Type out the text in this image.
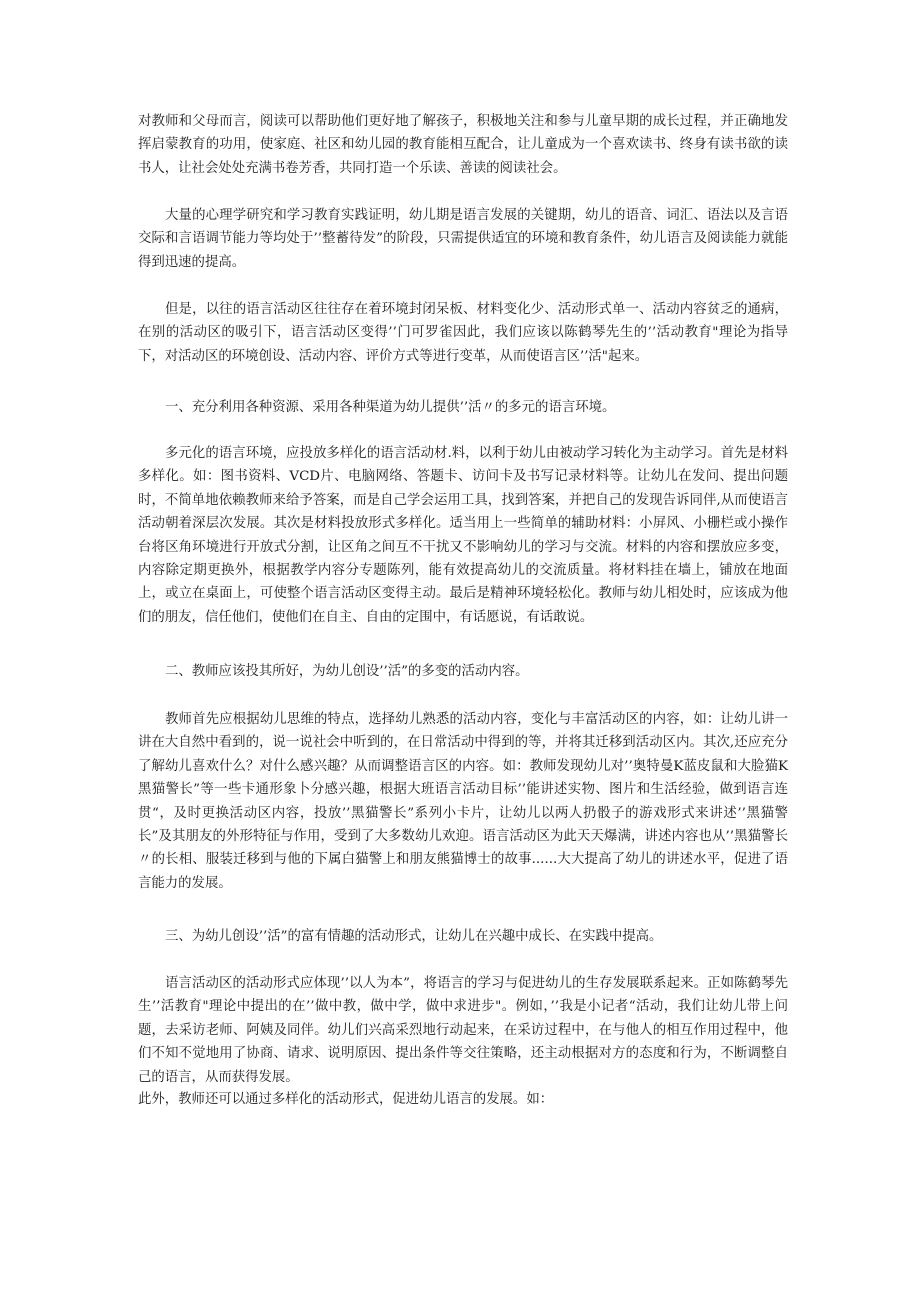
对教师和父母而言，阅读可以帮助他们更好地了解孩子，积极地关注和参与儿童早期的成长过程，并正确地发挥启蒙教育的功用，使家庭、社区和幼儿园的教育能相互配合，让儿童成为一个喜欢读书、终身有读书欲的读书人，让社会处处充满书卷芳香，共同打造一个乐读、善读的阅读社会。

大量的心理学研究和学习教育实践证明，幼儿期是语言发展的关键期，幼儿的语音、词汇、语法以及言语交际和言语调节能力等均处于’’整蓄待发”的阶段，只需提供适宜的环境和教育条件，幼儿语言及阅读能力就能得到迅速的提高。

但是，以往的语言活动区往往存在着环境封闭呆板、材料变化少、活动形式单一、活动内容贫乏的通病，在别的活动区的吸引下，语言活动区变得’’门可罗雀因此，我们应该以陈鹤琴先生的’’活动教育"理论为指导下，对活动区的环境创设、活动内容、评价方式等进行变革，从而使语言区’’活"起来。

一、充分利用各种资源、采用各种渠道为幼儿提供’’活〃的多元的语言环境。

多元化的语言环境，应投放多样化的语言活动材.料，以利于幼儿由被动学习转化为主动学习。首先是材料多样化。如：图书资料、VCD片、电脑网络、答题卡、访问卡及书写记录材料等。让幼儿在发问、提出问题时，不简单地依赖教师来给予答案，而是自己学会运用工具，找到答案，并把自己的发现告诉同伴,从而使语言活动朝着深层次发展。其次是材料投放形式多样化。适当用上一些简单的辅助材料：小屏风、小栅栏或小操作台将区角环境进行开放式分割，让区角之间互不干扰又不影响幼儿的学习与交流。材料的内容和摆放应多变，内容除定期更换外，根据教学内容分专题陈列，能有效提高幼儿的交流质量。将材料挂在墙上，铺放在地面上，或立在桌面上，可使整个语言活动区变得主动。最后是精神环境轻松化。教师与幼儿相处时，应该成为他们的朋友，信任他们，使他们在自主、自由的定围中，有话愿说，有话敢说。

二、教师应该投其所好，为幼儿创设’’活”的多变的活动内容。

教师首先应根据幼儿思维的特点，选择幼儿熟悉的活动内容，变化与丰富活动区的内容，如：让幼儿讲一讲在大自然中看到的，说一说社会中听到的，在日常活动中得到的等，并将其迁移到活动区内。其次,还应充分了解幼儿喜欢什么？对什么感兴趣？从而调整语言区的内容。如：教师发现幼儿对’’奥特曼K蓝皮鼠和大脸猫K黑猫警长”等一些卡通形象卜分感兴趣，根据大班语言活动目标’’能讲述实物、图片和生活经验，做到语言连贯“，及时更换活动区内容，投放’’黑猫警长”系列小卡片，让幼儿以两人扔骰子的游戏形式来讲述’’黑猫警长”及其朋友的外形特征与作用，受到了大多数幼儿欢迎。语言活动区为此天天爆满，讲述内容也从’’黑猫警长〃的长相、服装迁移到与他的下属白猫警上和朋友熊猫博士的故事......大大提高了幼儿的讲述水平，促进了语言能力的发展。

三、为幼儿创设’’活”的富有情趣的活动形式，让幼儿在兴趣中成长、在实践中提高。

语言活动区的活动形式应体现’’以人为本”，将语言的学习与促进幼儿的生存发展联系起来。正如陈鹤琴先生’’活教育"理论中提出的在’’做中教，做中学，做中求进步"。例如，’’我是小记者“活动，我们让幼儿带上问题，去采访老师、阿姨及同伴。幼儿们兴高采烈地行动起来，在采访过程中，在与他人的相互作用过程中，他们不知不觉地用了协商、请求、说明原因、提出条件等交往策略，还主动根据对方的态度和行为，不断调整自己的语言，从而获得发展。

此外，教师还可以通过多样化的活动形式，促进幼儿语言的发展。如：
